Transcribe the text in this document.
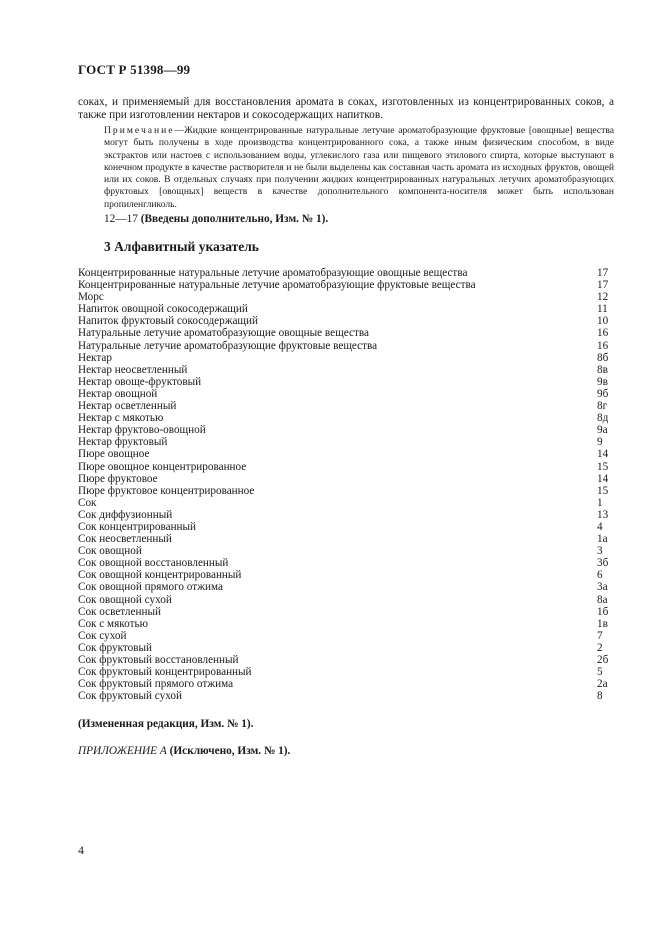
ГОСТ Р 51398—99
соках, и применяемый для восстановления аромата в соках, изготовленных из концентрированных соков, а также при изготовлении нектаров и сокосодержащих напитков.
Примечание—Жидкие концентрированные натуральные летучие ароматобразующие фруктовые [овощные] вещества могут быть получены в ходе производства концентрированного сока, а также иным физическим способом, в виде экстрактов или настоев с использованием воды, углекислого газа или пищевого этилового спирта, которые выступают в конечном продукте в качестве растворителя и не были выделены как составная часть аромата из исходных фруктов, овощей или их соков. В отдельных случаях при получении жидких концентрированных натуральных летучих ароматобразующих фруктовых [овощных] веществ в качестве дополнительного компонента-носителя может быть использован пропиленгликоль.
12—17 (Введены дополнительно, Изм. № 1).
3 Алфавитный указатель
Концентрированные натуральные летучие ароматобразующие овощные вещества	17
Концентрированные натуральные летучие ароматобразующие фруктовые вещества	17
Морс	12
Напиток овощной сокосодержащий	11
Напиток фруктовый сокосодержащий	10
Натуральные летучие ароматобразующие овощные вещества	16
Натуральные летучие ароматобразующие фруктовые вещества	16
Нектар	8б
Нектар неосветленный	8в
Нектар овоще-фруктовый	9в
Нектар овощной	9б
Нектар осветленный	8г
Нектар с мякотью	8д
Нектар фруктово-овощной	9а
Нектар фруктовый	9
Пюре овощное	14
Пюре овощное концентрированное	15
Пюре фруктовое	14
Пюре фруктовое концентрированное	15
Сок	1
Сок диффузионный	13
Сок концентрированный	4
Сок неосветленный	1а
Сок овощной	3
Сок овощной восстановленный	3б
Сок овощной концентрированный	6
Сок овощной прямого отжима	3а
Сок овощной сухой	8а
Сок осветленный	1б
Сок с мякотью	1в
Сок сухой	7
Сок фруктовый	2
Сок фруктовый восстановленный	2б
Сок фруктовый концентрированный	5
Сок фруктовый прямого отжима	2а
Сок фруктовый сухой	8
(Измененная редакция, Изм. № 1).
ПРИЛОЖЕНИЕ А (Исключено, Изм. № 1).
4
